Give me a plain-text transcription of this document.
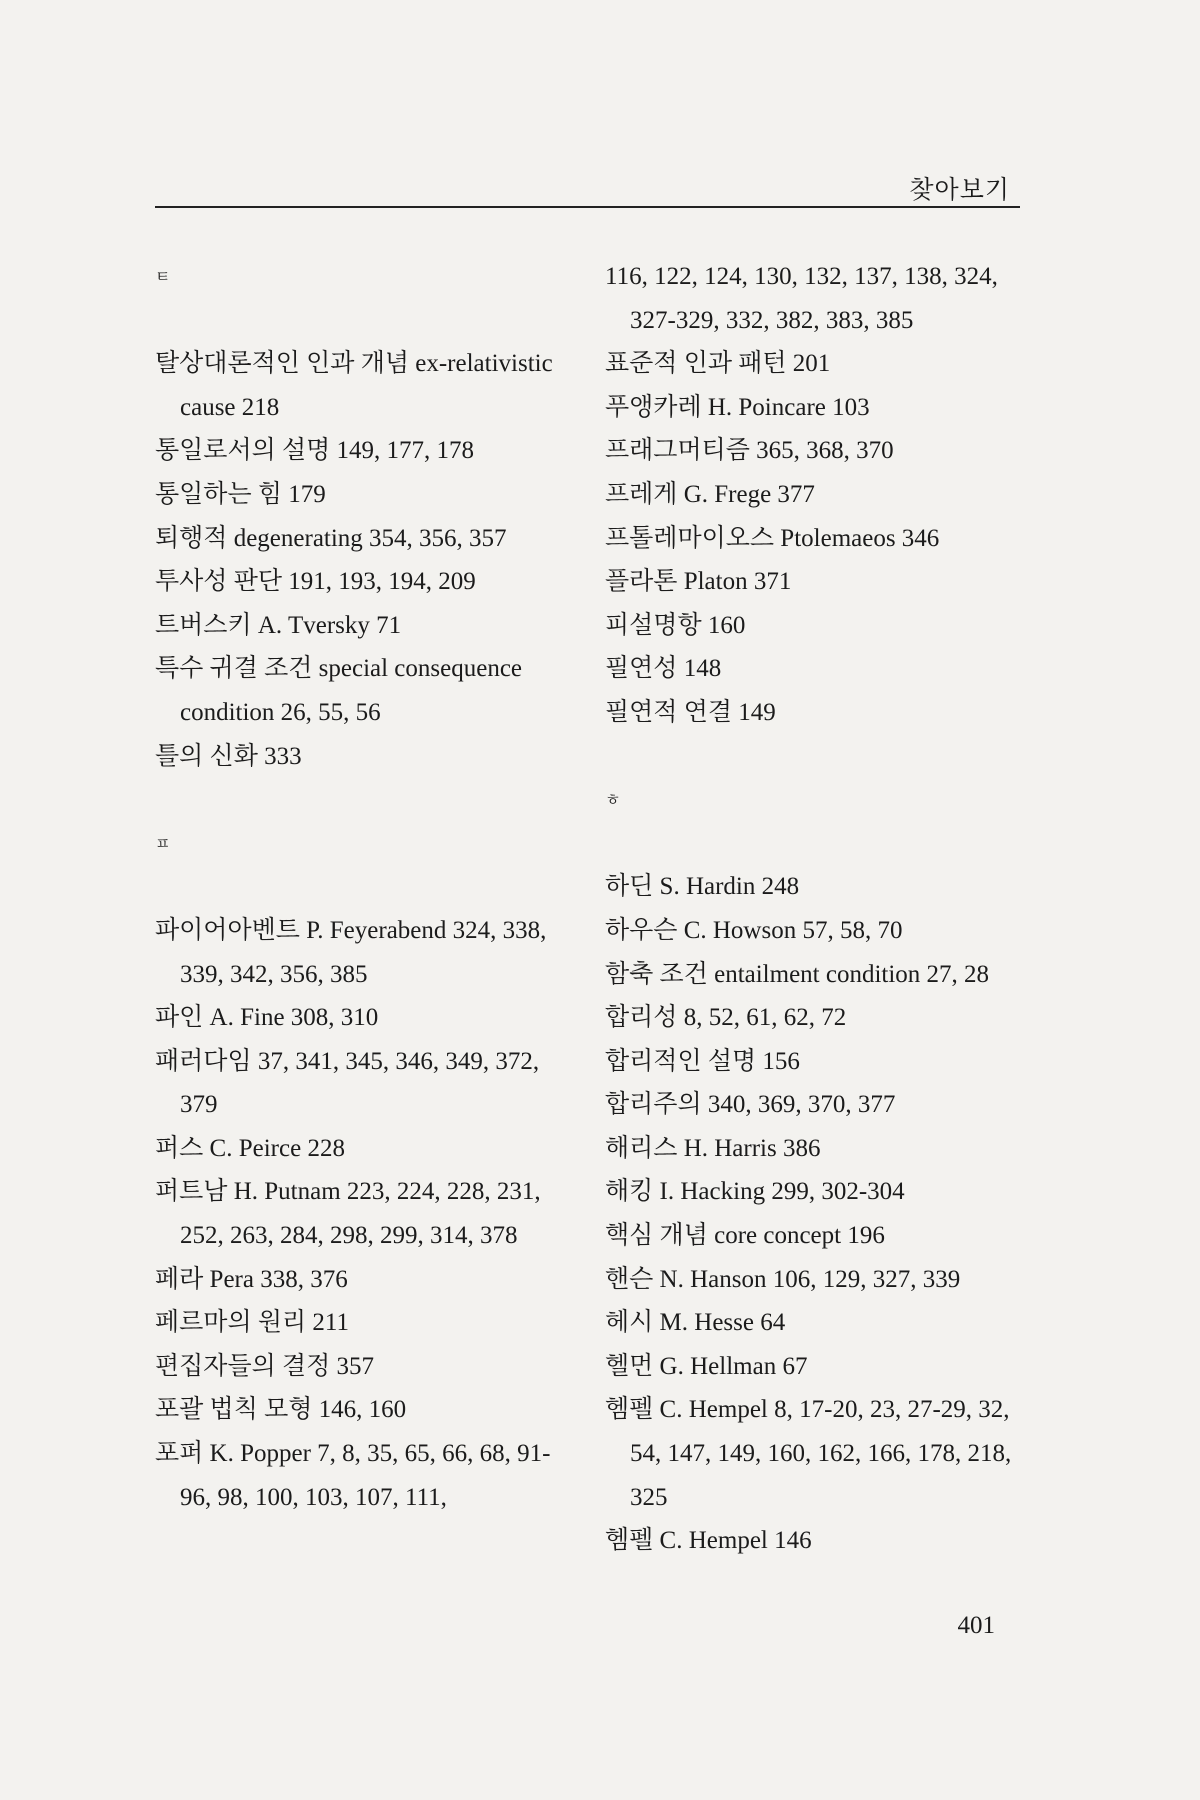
찾아보기
ㅌ
탈상대론적인 인과 개념 ex-relativistic cause 218
통일로서의 설명 149, 177, 178
통일하는 힘 179
퇴행적 degenerating 354, 356, 357
투사성 판단 191, 193, 194, 209
트버스키 A. Tversky 71
특수 귀결 조건 special consequence condition 26, 55, 56
틀의 신화 333
ㅍ
파이어아벤트 P. Feyerabend 324, 338, 339, 342, 356, 385
파인 A. Fine 308, 310
패러다임 37, 341, 345, 346, 349, 372, 379
퍼스 C. Peirce 228
퍼트남 H. Putnam 223, 224, 228, 231, 252, 263, 284, 298, 299, 314, 378
페라 Pera 338, 376
페르마의 원리 211
편집자들의 결정 357
포괄 법칙 모형 146, 160
포퍼 K. Popper 7, 8, 35, 65, 66, 68, 91-96, 98, 100, 103, 107, 111,
116, 122, 124, 130, 132, 137, 138, 324, 327-329, 332, 382, 383, 385
표준적 인과 패턴 201
푸앵카레 H. Poincare 103
프래그머티즘 365, 368, 370
프레게 G. Frege 377
프톨레마이오스 Ptolemaeos 346
플라톤 Platon 371
피설명항 160
필연성 148
필연적 연결 149
ㅎ
하딘 S. Hardin 248
하우슨 C. Howson 57, 58, 70
함축 조건 entailment condition 27, 28
합리성 8, 52, 61, 62, 72
합리적인 설명 156
합리주의 340, 369, 370, 377
해리스 H. Harris 386
해킹 I. Hacking 299, 302-304
핵심 개념 core concept 196
핸슨 N. Hanson 106, 129, 327, 339
헤시 M. Hesse 64
헬먼 G. Hellman 67
헴펠 C. Hempel 8, 17-20, 23, 27-29, 32, 54, 147, 149, 160, 162, 166, 178, 218, 325
헴펠 C. Hempel 146
401
